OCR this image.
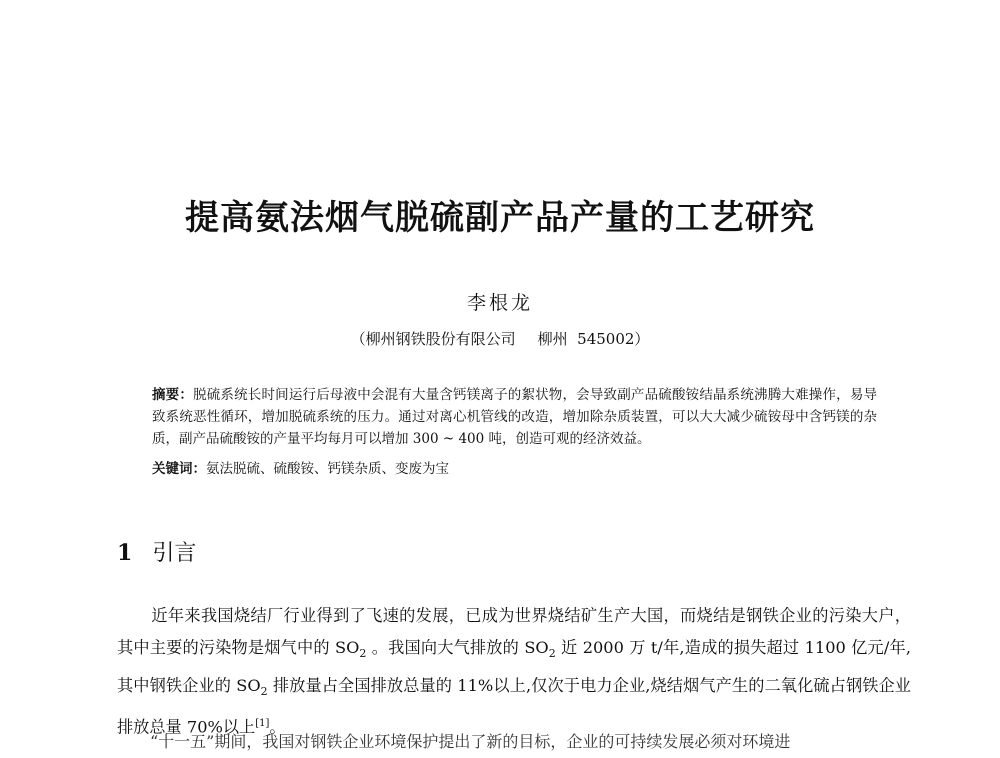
提高氨法烟气脱硫副产品产量的工艺研究
李根龙
（柳州钢铁股份有限公司 柳州 545002）
摘要：脱硫系统长时间运行后母液中会混有大量含钙镁离子的絮状物，会导致副产品硫酸铵结晶系统沸腾大难操作，易导致系统恶性循环，增加脱硫系统的压力。通过对离心机管线的改造，增加除杂质装置，可以大大减少硫铵母中含钙镁的杂质，副产品硫酸铵的产量平均每月可以增加 300 ~ 400 吨，创造可观的经济效益。
关键词：氨法脱硫、硫酸铵、钙镁杂质、变废为宝
1 引言
近年来我国烧结厂行业得到了飞速的发展，已成为世界烧结矿生产大国，而烧结是钢铁企业的污染大户，其中主要的污染物是烟气中的 $SO_2$ 。我国向大气排放的 $SO_2$ 近 2000 万 t/年,造成的损失超过 1100 亿元/年,其中钢铁企业的 $SO_2$ 排放量占全国排放总量的 11%以上,仅次于电力企业,烧结烟气产生的二氧化硫占钢铁企业排放总量 70%以上[1]。
“十一五”期间，我国对钢铁企业环境保护提出了新的目标，企业的可持续发展必须对环境进
